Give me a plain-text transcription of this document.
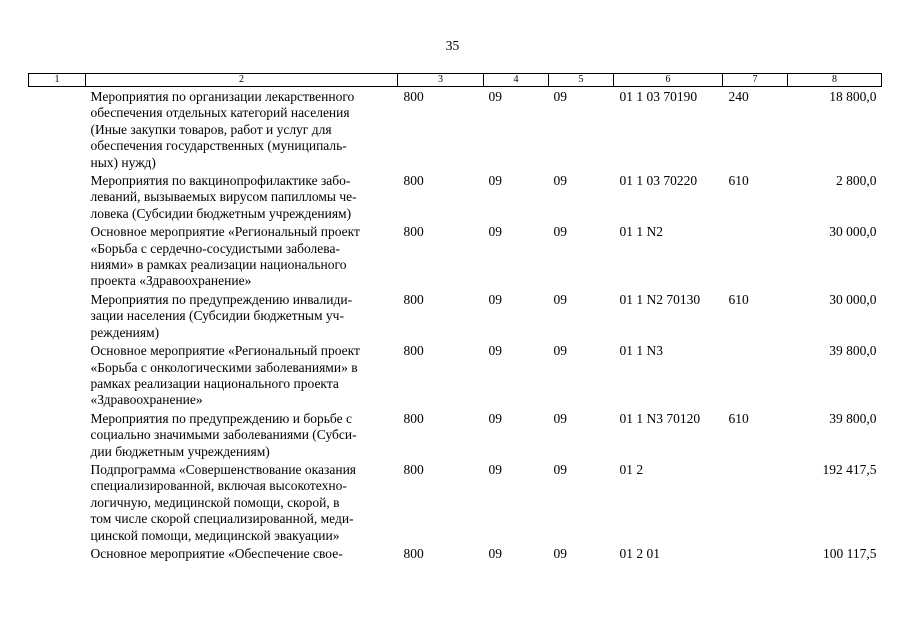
35
1	2	3	4	5	6	7	8
	Мероприятия по организации лекарственного
обеспечения отдельных категорий населения
(Иные закупки товаров, работ и услуг для
обеспечения государственных (муниципаль-
ных) нужд)	800	09	09	01 1 03 70190	240	18 800,0
	Мероприятия по вакцинопрофилактике забо-
леваний, вызываемых вирусом папилломы че-
ловека (Субсидии бюджетным учреждениям)	800	09	09	01 1 03 70220	610	2 800,0
	Основное мероприятие «Региональный проект
«Борьба с сердечно-сосудистыми заболева-
ниями» в рамках реализации национального
проекта «Здравоохранение»	800	09	09	01 1 N2		30 000,0
	Мероприятия по предупреждению инвалиди-
зации населения (Субсидии бюджетным уч-
реждениям)	800	09	09	01 1 N2 70130	610	30 000,0
	Основное мероприятие «Региональный проект
«Борьба с онкологическими заболеваниями» в
рамках реализации национального проекта
«Здравоохранение»	800	09	09	01 1 N3		39 800,0
	Мероприятия по предупреждению и борьбе с
социально значимыми заболеваниями (Субси-
дии бюджетным учреждениям)	800	09	09	01 1 N3 70120	610	39 800,0
	Подпрограмма «Совершенствование оказания
специализированной, включая высокотехно-
логичную, медицинской помощи, скорой, в
том числе скорой специализированной, меди-
цинской помощи, медицинской эвакуации»	800	09	09	01 2		192 417,5
	Основное мероприятие «Обеспечение свое-	800	09	09	01 2 01		100 117,5
